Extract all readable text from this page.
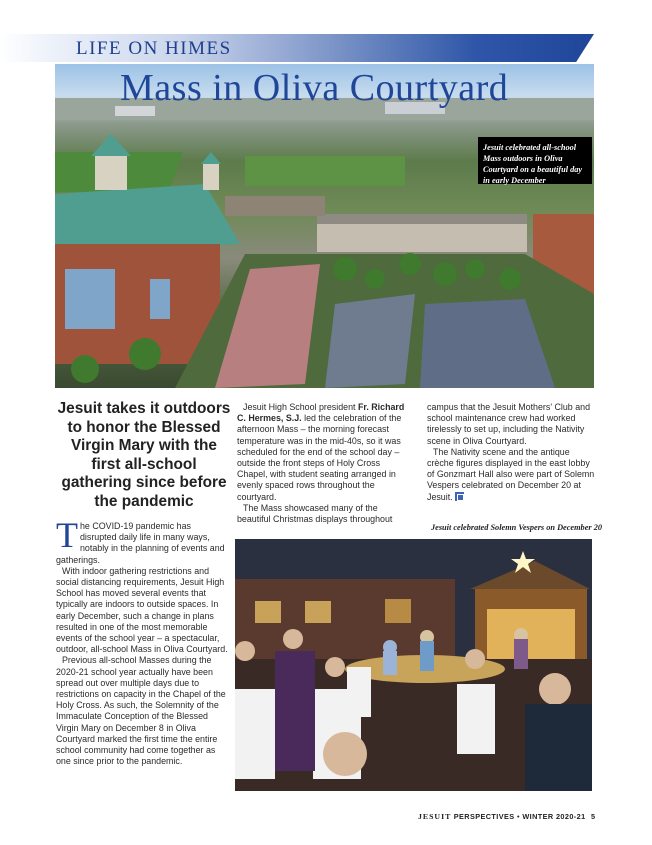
LIFE ON HIMES
Mass in Oliva Courtyard
Jesuit celebrated all-school Mass outdoors in Oliva Courtyard on a beautiful day in early December
Jesuit takes it outdoors to honor the Blessed Virgin Mary with the first all-school gathering since before the pandemic

The COVID-19 pandemic has disrupted daily life in many ways, notably in the planning of events and gatherings.

With indoor gathering restrictions and social distancing requirements, Jesuit High School has moved several events that typically are indoors to outside spaces. In early December, such a change in plans resulted in one of the most memorable events of the school year – a spectacular, outdoor, all-school Mass in Oliva Courtyard.

Previous all-school Masses during the 2020-21 school year actually have been spread out over multiple days due to restrictions on capacity in the Chapel of the Holy Cross. As such, the Solemnity of the Immaculate Conception of the Blessed Virgin Mary on December 8 in Oliva Courtyard marked the first time the entire school community had come together as one since prior to the pandemic.

Jesuit High School president Fr. Richard C. Hermes, S.J. led the celebration of the afternoon Mass – the morning forecast temperature was in the mid-40s, so it was scheduled for the end of the school day – outside the front steps of Holy Cross Chapel, with student seating arranged in evenly spaced rows throughout the courtyard.

The Mass showcased many of the beautiful Christmas displays throughout

campus that the Jesuit Mothers' Club and school maintenance crew had worked tirelessly to set up, including the Nativity scene in Oliva Courtyard.

The Nativity scene and the antique crèche figures displayed in the east lobby of Gonzmart Hall also were part of Solemn Vespers celebrated on December 20 at Jesuit.

Jesuit celebrated Solemn Vespers on December 20
JESUIT PERSPECTIVES • WINTER 2020-21 5
